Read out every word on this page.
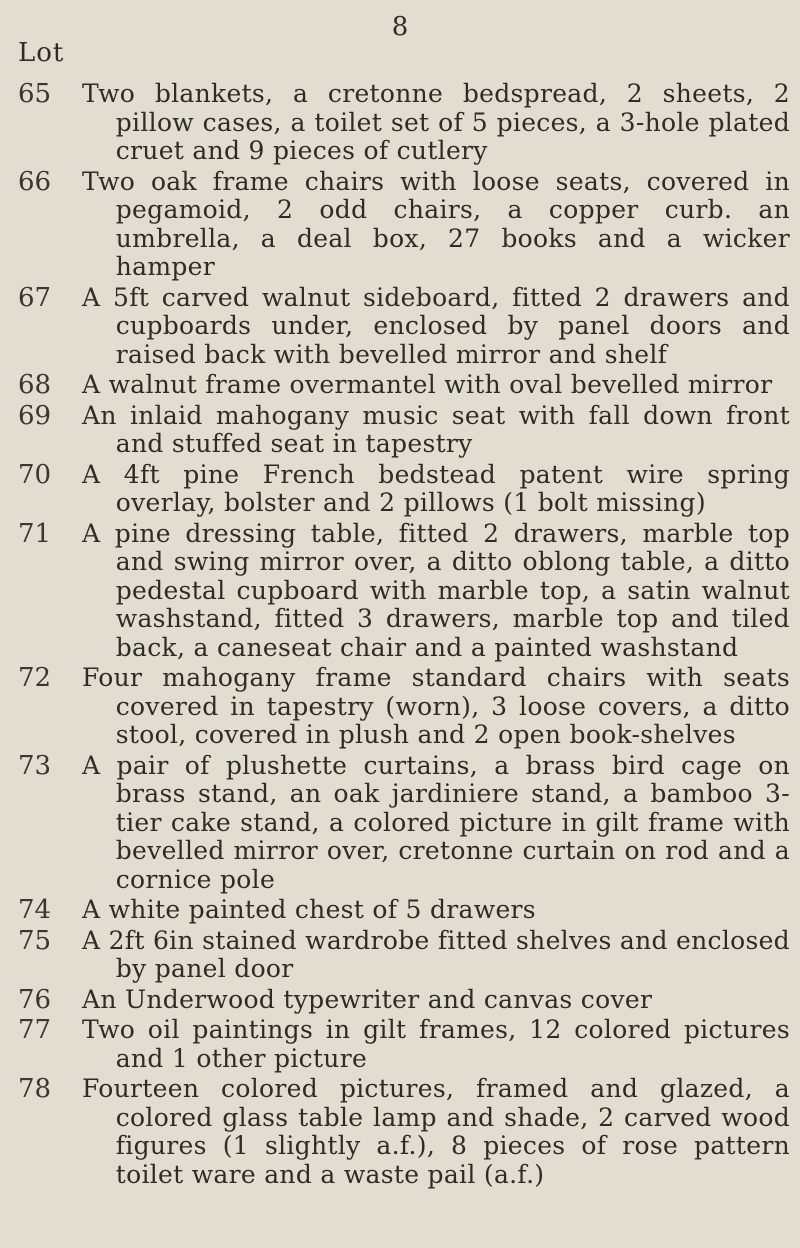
8
Lot
65	Two blankets, a cretonne bedspread, 2 sheets, 2 pillow cases, a toilet set of 5 pieces, a 3-hole plated cruet and 9 pieces of cutlery
66	Two oak frame chairs with loose seats, covered in pegamoid, 2 odd chairs, a copper curb. an umbrella, a deal box, 27 books and a wicker hamper
67	A 5ft carved walnut sideboard, fitted 2 drawers and cupboards under, enclosed by panel doors and raised back with bevelled mirror and shelf
68	A walnut frame overmantel with oval bevelled mirror
69	An inlaid mahogany music seat with fall down front and stuffed seat in tapestry
70	A 4ft pine French bedstead patent wire spring overlay, bolster and 2 pillows (1 bolt missing)
71	A pine dressing table, fitted 2 drawers, marble top and swing mirror over, a ditto oblong table, a ditto pedestal cupboard with marble top, a satin walnut washstand, fitted 3 drawers, marble top and tiled back, a caneseat chair and a painted washstand
72	Four mahogany frame standard chairs with seats covered in tapestry (worn), 3 loose covers, a ditto stool, covered in plush and 2 open book-shelves
73	A pair of plushette curtains, a brass bird cage on brass stand, an oak jardiniere stand, a bamboo 3-tier cake stand, a colored picture in gilt frame with bevelled mirror over, cretonne curtain on rod and a cornice pole
74	A white painted chest of 5 drawers
75	A 2ft 6in stained wardrobe fitted shelves and enclosed by panel door
76	An Underwood typewriter and canvas cover
77	Two oil paintings in gilt frames, 12 colored pictures and 1 other picture
78	Fourteen colored pictures, framed and glazed, a colored glass table lamp and shade, 2 carved wood figures (1 slightly a.f.), 8 pieces of rose pattern toilet ware and a waste pail (a.f.)
